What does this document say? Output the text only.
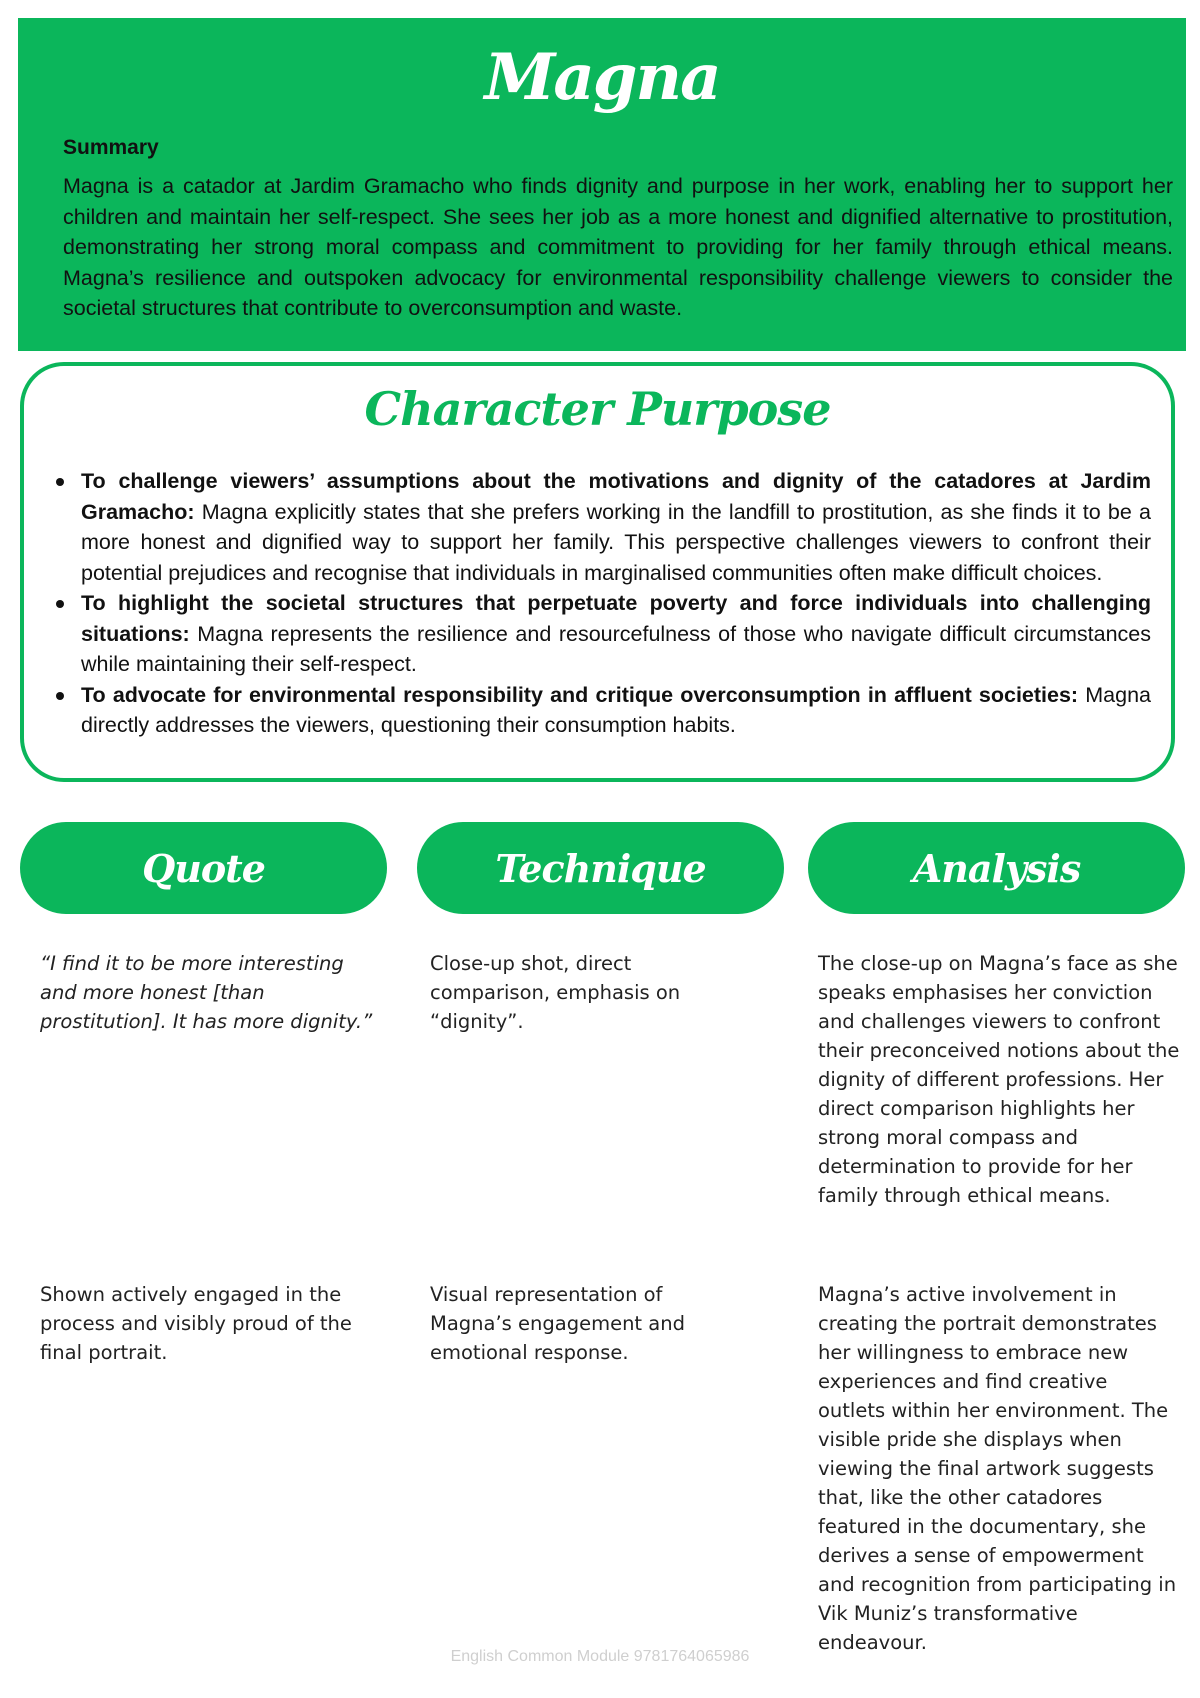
Magna
Summary

Magna is a catador at Jardim Gramacho who finds dignity and purpose in her work, enabling her to support her children and maintain her self-respect. She sees her job as a more honest and dignified alternative to prostitution, demonstrating her strong moral compass and commitment to providing for her family through ethical means. Magna’s resilience and outspoken advocacy for environmental responsibility challenge viewers to consider the societal structures that contribute to overconsumption and waste.

Character Purpose
To challenge viewers’ assumptions about the motivations and dignity of the catadores at Jardim Gramacho: Magna explicitly states that she prefers working in the landfill to prostitution, as she finds it to be a more honest and dignified way to support her family. This perspective challenges viewers to confront their potential prejudices and recognise that individuals in marginalised communities often make difficult choices.
To highlight the societal structures that perpetuate poverty and force individuals into challenging situations: Magna represents the resilience and resourcefulness of those who navigate difficult circumstances while maintaining their self-respect.
To advocate for environmental responsibility and critique overconsumption in affluent societies: Magna directly addresses the viewers, questioning their consumption habits.
Quote	Technique	Analysis

“I find it to be more interesting and more honest [than prostitution]. It has more dignity.”

Close-up shot, direct comparison, emphasis on “dignity”.

The close-up on Magna’s face as she speaks emphasises her conviction and challenges viewers to confront their preconceived notions about the dignity of different professions. Her direct comparison highlights her strong moral compass and determination to provide for her family through ethical means.

Shown actively engaged in the process and visibly proud of the final portrait.

Visual representation of Magna’s engagement and emotional response.

Magna’s active involvement in creating the portrait demonstrates her willingness to embrace new experiences and find creative outlets within her environment. The visible pride she displays when viewing the final artwork suggests that, like the other catadores featured in the documentary, she derives a sense of empowerment and recognition from participating in Vik Muniz’s transformative endeavour.

English Common Module 9781764065986
